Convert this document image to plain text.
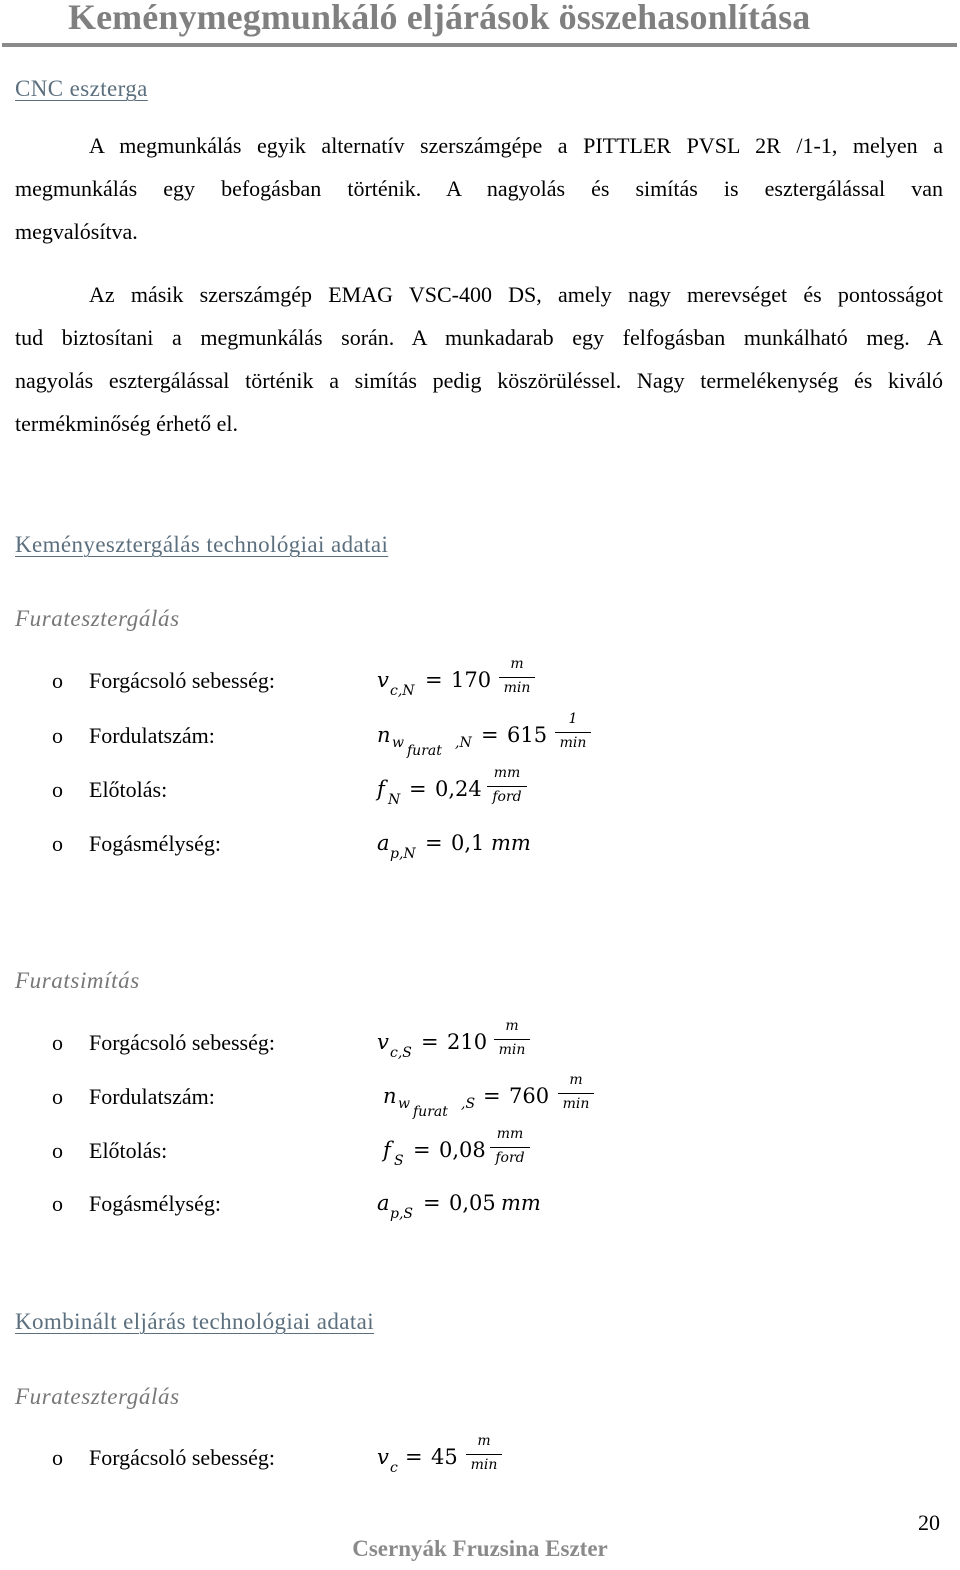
Keménymegmunkáló eljárások összehasonlítása
CNC eszterga
A megmunkálás egyik alternatív szerszámgépe a PITTLER PVSL 2R /1-1, melyen a
megmunkálás egy befogásban történik. A nagyolás és simítás is esztergálással van
megvalósítva.
Az másik szerszámgép EMAG VSC-400 DS, amely nagy merevséget és pontosságot
tud biztosítani a megmunkálás során. A munkadarab egy felfogásban munkálható meg. A
nagyolás esztergálással történik a simítás pedig köszörüléssel. Nagy termelékenység és kiváló
termékminőség érhető el.
Keményesztergálás technológiai adatai
Furatesztergálás
o Forgácsoló sebesség:	v c,N = 170
m
min
o Fordulatszám:	n w furat ,N = 615
1
min
o Előtolás:	f N = 0,24
mm
ford
o Fogásmélység:	a p,N = 0,1 mm
Furatsimítás
o Forgácsoló sebesség:	v c,S = 210
m
min
o Fordulatszám:	n w furat ,S = 760
m
min
o Előtolás:	f S = 0,08
mm
ford
o Fogásmélység:	a p,S = 0,05 mm
Kombinált eljárás technológiai adatai
Furatesztergálás
o Forgácsoló sebesség:	v c = 45
m
min
20
Csernyák Fruzsina Eszter
